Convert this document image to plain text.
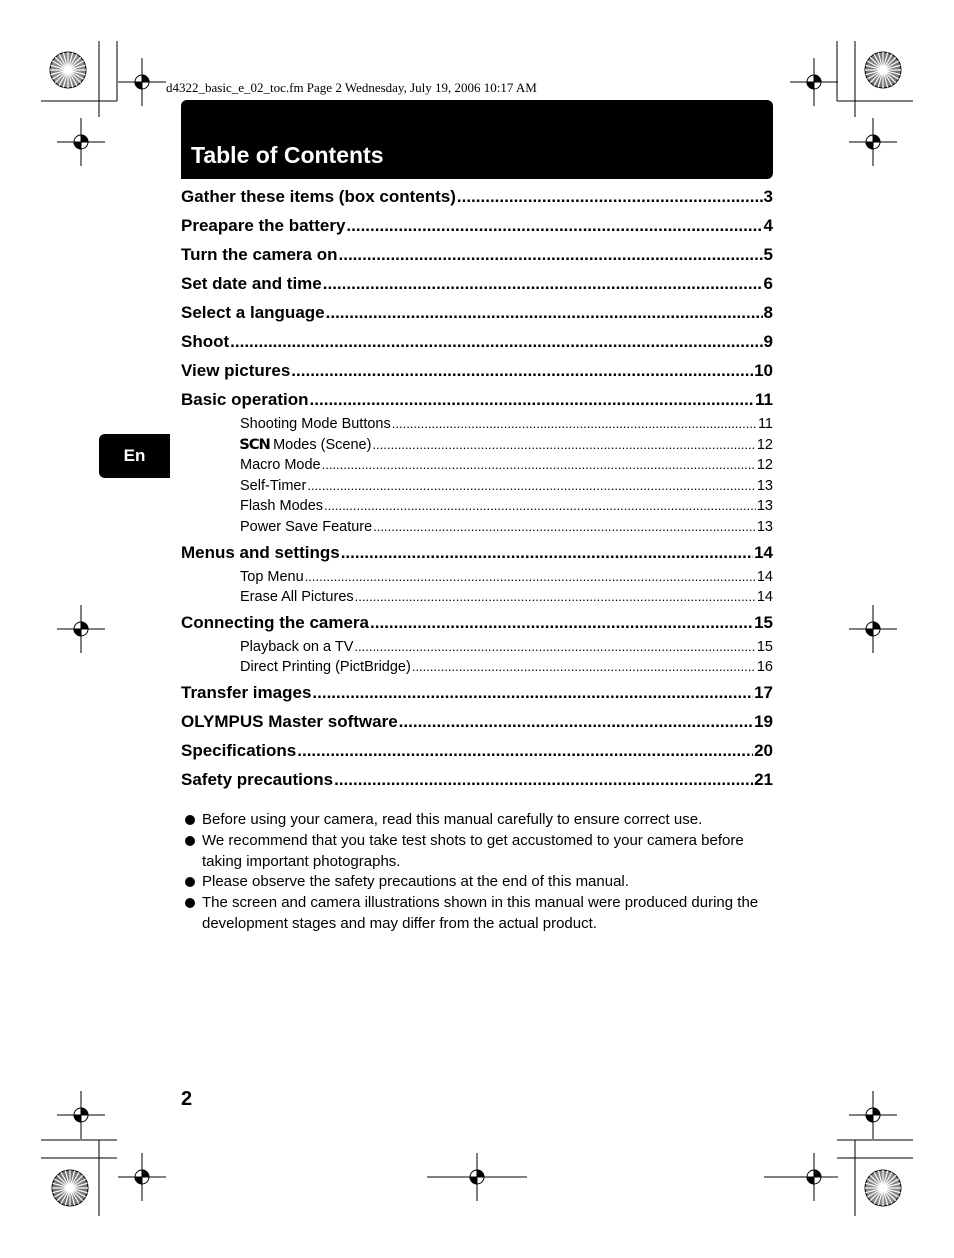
d4322_basic_e_02_toc.fm Page 2 Wednesday, July 19, 2006 10:17 AM
Table of Contents
En
Gather these items (box contents) .....	3
Preapare the battery .....	4
Turn the camera on .....	5
Set date and time .....	6
Select a language .....	8
Shoot .....	9
View pictures .....	10
Basic operation .....	11
Shooting Mode Buttons .....	11
SCN Modes (Scene) .....	12
Macro Mode .....	12
Self-Timer .....	13
Flash Modes .....	13
Power Save Feature .....	13
Menus and settings .....	14
Top Menu .....	14
Erase All Pictures .....	14
Connecting the camera .....	15
Playback on a TV .....	15
Direct Printing (PictBridge) .....	16
Transfer images .....	17
OLYMPUS Master software .....	19
Specifications .....	20
Safety precautions .....	21
Before using your camera, read this manual carefully to ensure correct use.
We recommend that you take test shots to get accustomed to your camera before taking important photographs.
Please observe the safety precautions at the end of this manual.
The screen and camera illustrations shown in this manual were produced during the development stages and may differ from the actual product.
2
